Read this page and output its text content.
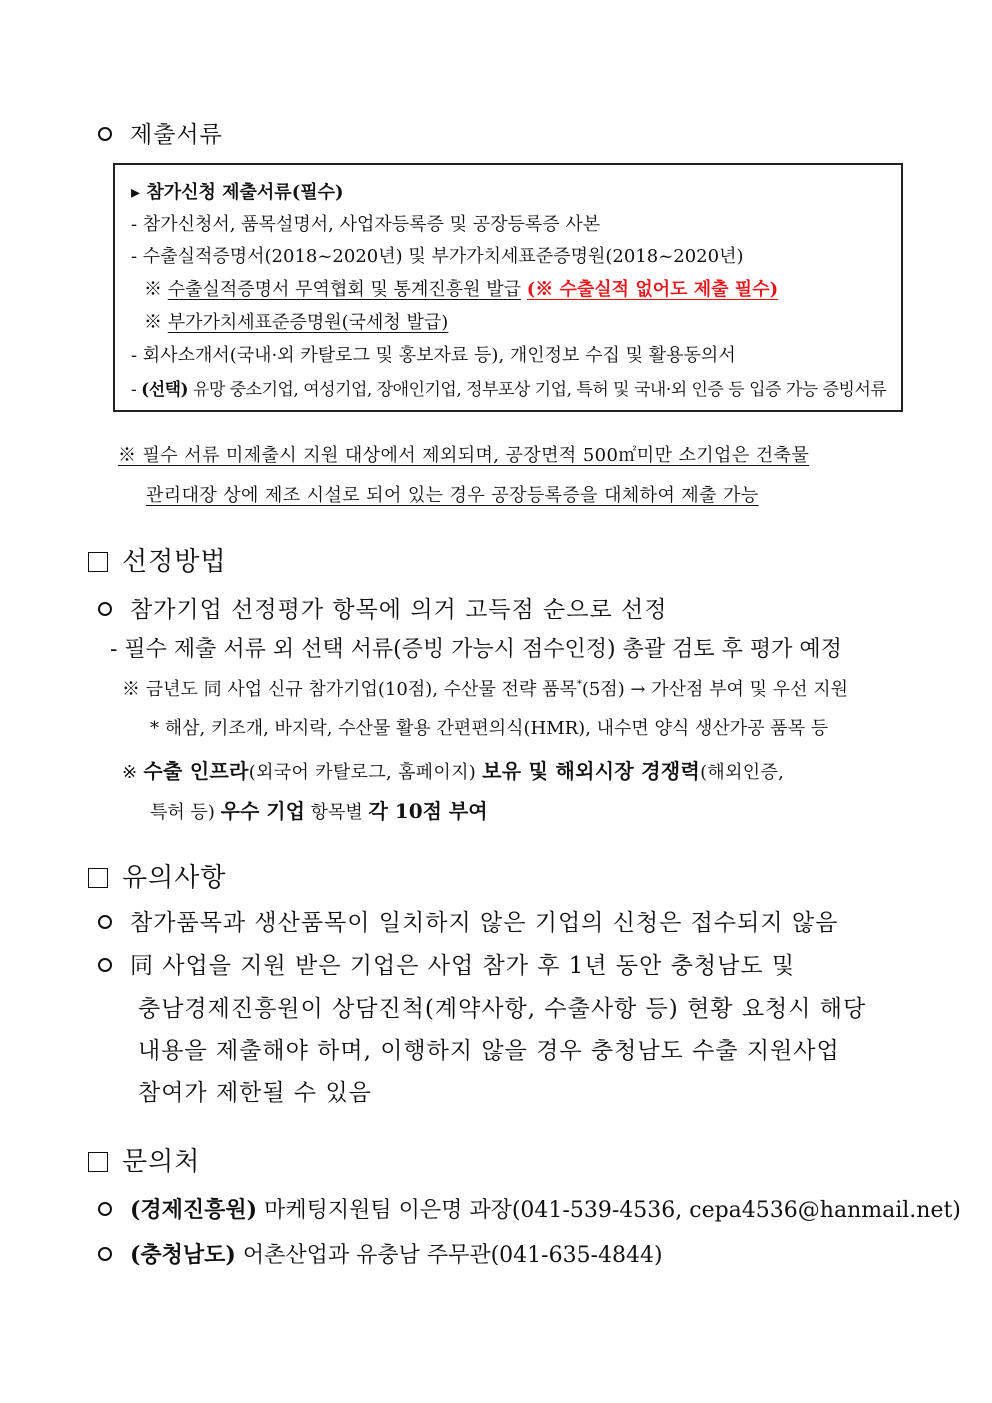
제출서류
▸ 참가신청 제출서류(필수)
- 참가신청서, 품목설명서, 사업자등록증 및 공장등록증 사본
- 수출실적증명서(2018~2020년) 및 부가가치세표준증명원(2018~2020년)
※ 수출실적증명서 무역협회 및 통계진흥원 발급 (※ 수출실적 없어도 제출 필수)
※ 부가가치세표준증명원(국세청 발급)
- 회사소개서(국내·외 카탈로그 및 홍보자료 등), 개인정보 수집 및 활용동의서
- (선택) 유망 중소기업, 여성기업, 장애인기업, 정부포상 기업, 특허 및 국내·외 인증 등 입증 가능 증빙서류
※ 필수 서류 미제출시 지원 대상에서 제외되며, 공장면적 500㎡미만 소기업은 건축물
관리대장 상에 제조 시설로 되어 있는 경우 공장등록증을 대체하여 제출 가능
선정방법
참가기업 선정평가 항목에 의거 고득점 순으로 선정
- 필수 제출 서류 외 선택 서류(증빙 가능시 점수인정) 총괄 검토 후 평가 예정
※ 금년도 同 사업 신규 참가기업(10점), 수산물 전략 품목*(5점) → 가산점 부여 및 우선 지원
* 해삼, 키조개, 바지락, 수산물 활용 간편편의식(HMR), 내수면 양식 생산가공 품목 등
※ 수출 인프라(외국어 카탈로그, 홈페이지) 보유 및 해외시장 경쟁력(해외인증,
특허 등) 우수 기업 항목별 각 10점 부여
유의사항
참가품목과 생산품목이 일치하지 않은 기업의 신청은 접수되지 않음
同 사업을 지원 받은 기업은 사업 참가 후 1년 동안 충청남도 및
충남경제진흥원이 상담진척(계약사항, 수출사항 등) 현황 요청시 해당
내용을 제출해야 하며, 이행하지 않을 경우 충청남도 수출 지원사업
참여가 제한될 수 있음
문의처
(경제진흥원) 마케팅지원팀 이은명 과장(041-539-4536, cepa4536@hanmail.net)
(충청남도) 어촌산업과 유충남 주무관(041-635-4844)
